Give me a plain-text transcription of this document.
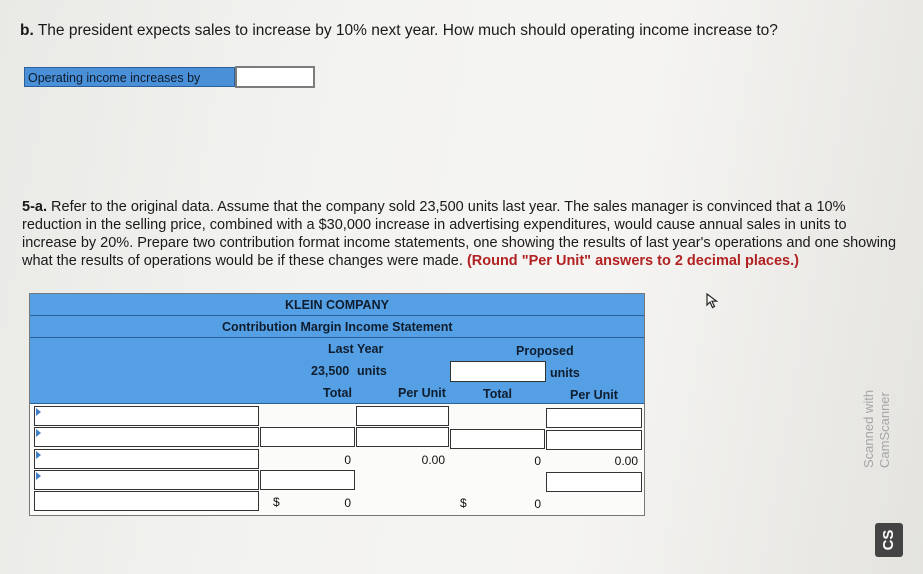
b. The president expects sales to increase by 10% next year. How much should operating income increase to?
Operating income increases by
5-a. Refer to the original data. Assume that the company sold 23,500 units last year. The sales manager is convinced that a 10% reduction in the selling price, combined with a $30,000 increase in advertising expenditures, would cause annual sales in units to increase by 20%. Prepare two contribution format income statements, one showing the results of last year's operations and one showing what the results of operations would be if these changes were made. (Round "Per Unit" answers to 2 decimal places.)
KLEIN COMPANY
Contribution Margin Income Statement
Last Year	Proposed
23,500 units	units
Total	Per Unit	Total	Per Unit
0	0.00	0	0.00
$	0	$	0
CS
Scanned with CamScanner
